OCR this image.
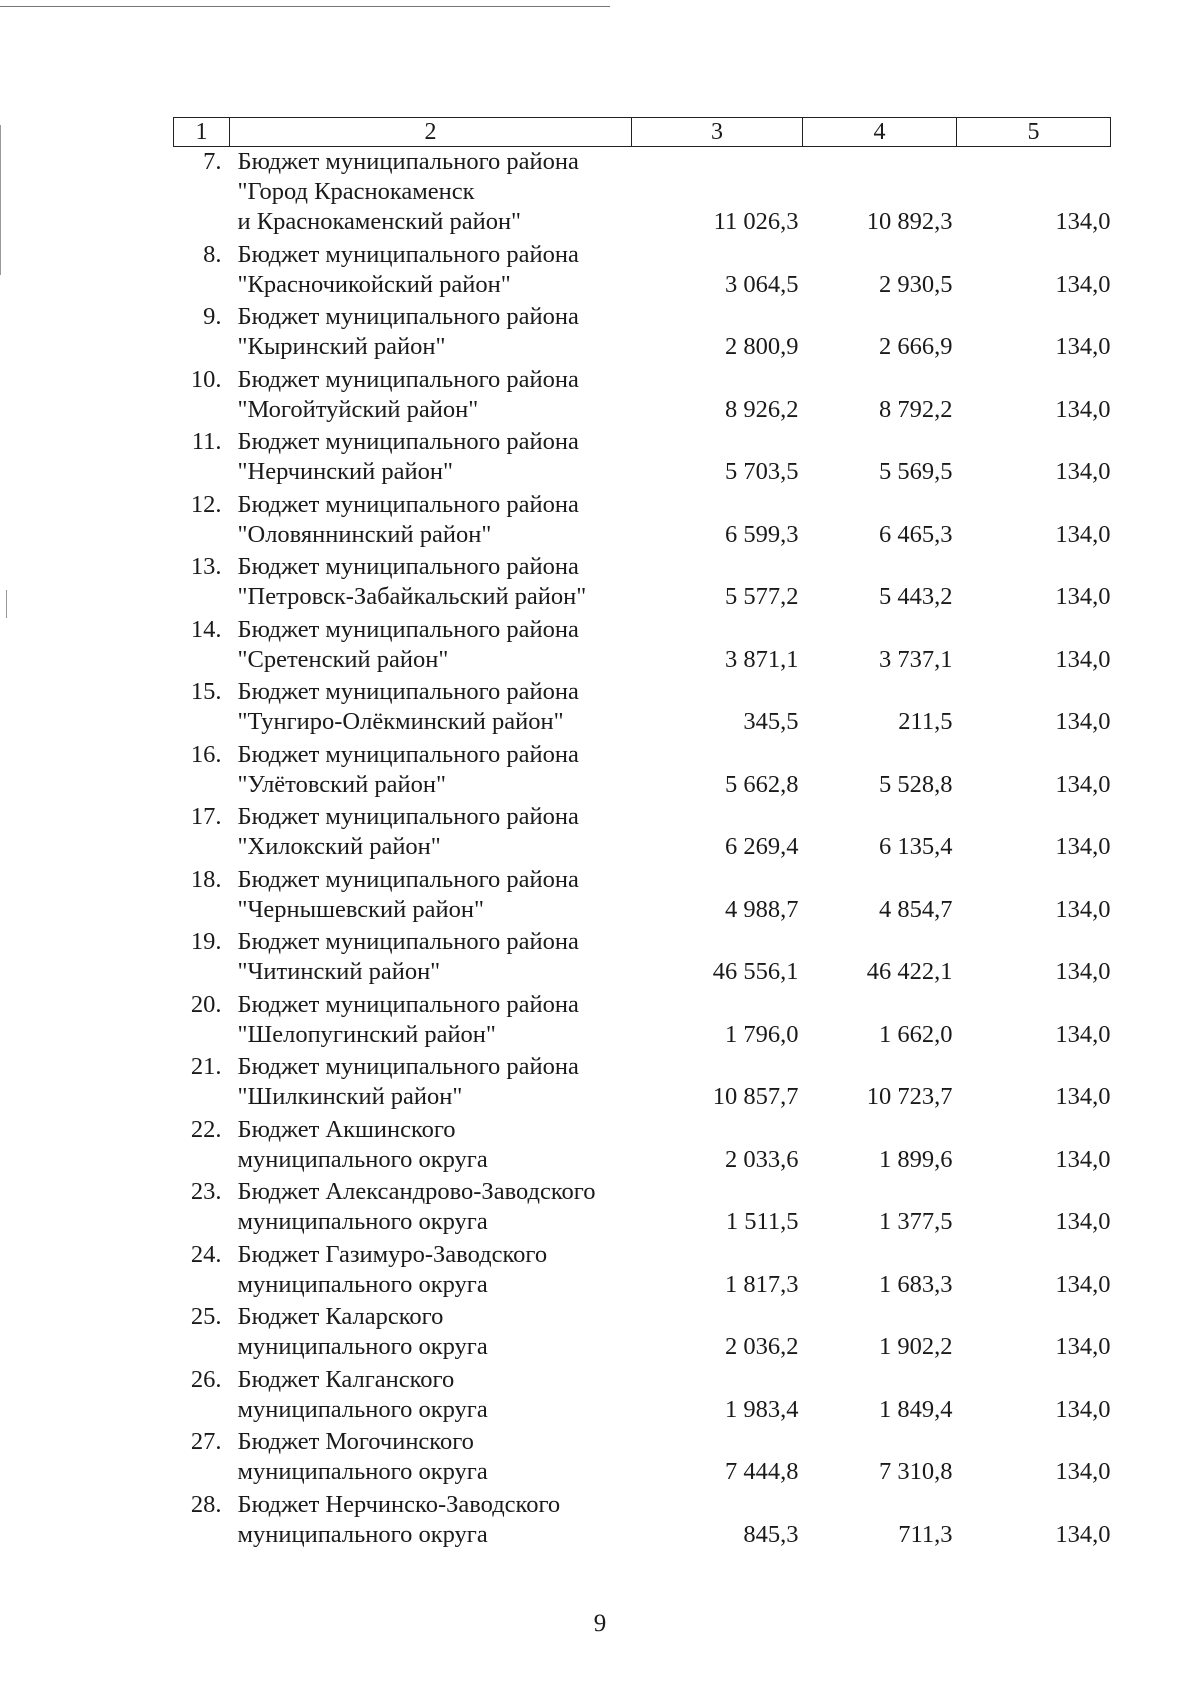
1	2	3	4	5
7.	Бюджет муниципального района
"Город Краснокаменск
и Краснокаменский район"	11 026,3	10 892,3	134,0
8.	Бюджет муниципального района
"Красночикойский район"	3 064,5	2 930,5	134,0
9.	Бюджет муниципального района
"Кыринский район"	2 800,9	2 666,9	134,0
10.	Бюджет муниципального района
"Могойтуйский район"	8 926,2	8 792,2	134,0
11.	Бюджет муниципального района
"Нерчинский район"	5 703,5	5 569,5	134,0
12.	Бюджет муниципального района
"Оловяннинский район"	6 599,3	6 465,3	134,0
13.	Бюджет муниципального района
"Петровск-Забайкальский район"	5 577,2	5 443,2	134,0
14.	Бюджет муниципального района
"Сретенский район"	3 871,1	3 737,1	134,0
15.	Бюджет муниципального района
"Тунгиро-Олёкминский район"	345,5	211,5	134,0
16.	Бюджет муниципального района
"Улётовский район"	5 662,8	5 528,8	134,0
17.	Бюджет муниципального района
"Хилокский район"	6 269,4	6 135,4	134,0
18.	Бюджет муниципального района
"Чернышевский район"	4 988,7	4 854,7	134,0
19.	Бюджет муниципального района
"Читинский район"	46 556,1	46 422,1	134,0
20.	Бюджет муниципального района
"Шелопугинский район"	1 796,0	1 662,0	134,0
21.	Бюджет муниципального района
"Шилкинский район"	10 857,7	10 723,7	134,0
22.	Бюджет Акшинского
муниципального округа	2 033,6	1 899,6	134,0
23.	Бюджет Александрово-Заводского
муниципального округа	1 511,5	1 377,5	134,0
24.	Бюджет Газимуро-Заводского
муниципального округа	1 817,3	1 683,3	134,0
25.	Бюджет Каларского
муниципального округа	2 036,2	1 902,2	134,0
26.	Бюджет Калганского
муниципального округа	1 983,4	1 849,4	134,0
27.	Бюджет Могочинского
муниципального округа	7 444,8	7 310,8	134,0
28.	Бюджет Нерчинско-Заводского
муниципального округа	845,3	711,3	134,0
9
